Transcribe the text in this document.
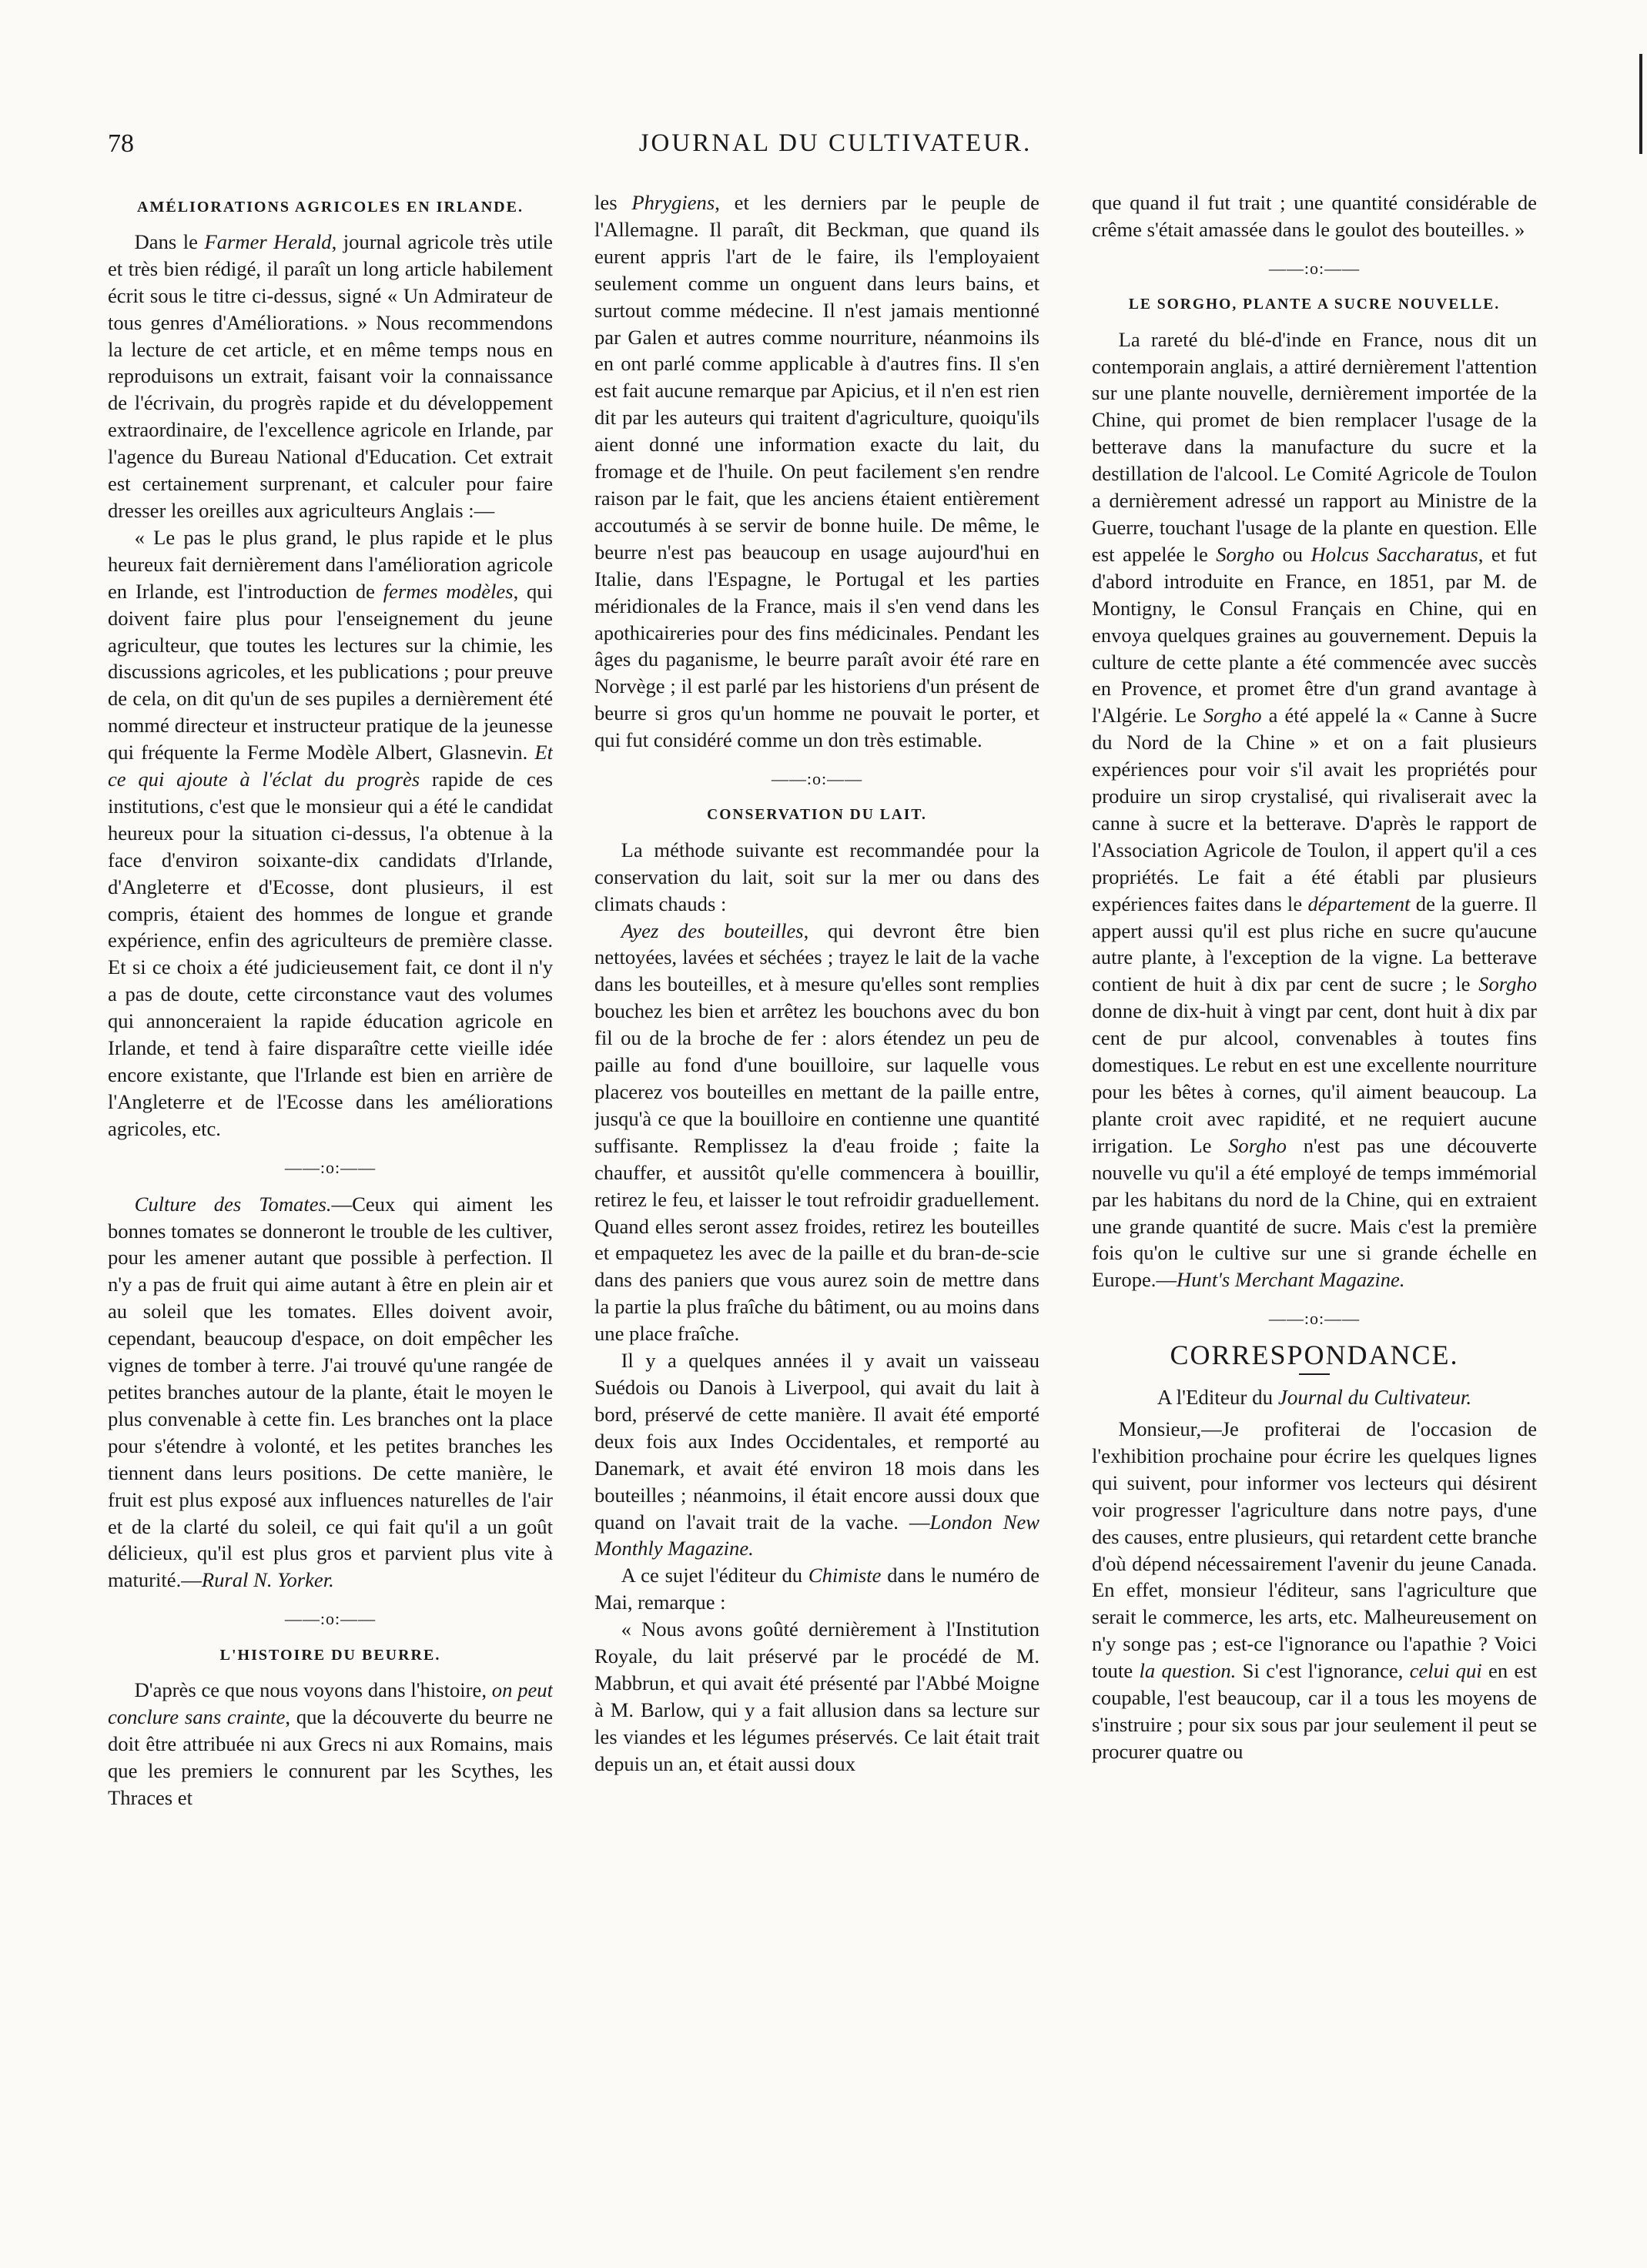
78	JOURNAL DU CULTIVATEUR.
AMÉLIORATIONS AGRICOLES EN IRLANDE.

Dans le Farmer Herald, journal agricole très utile et très bien rédigé, il paraît un long article habilement écrit sous le titre ci-dessus, signé « Un Admirateur de tous genres d'Améliorations. » Nous recommendons la lecture de cet article, et en même temps nous en reproduisons un extrait, faisant voir la connaissance de l'écrivain, du progrès rapide et du développement extraordinaire, de l'excellence agricole en Irlande, par l'agence du Bureau National d'Education. Cet extrait est certainement surprenant, et calculer pour faire dresser les oreilles aux agriculteurs Anglais :—

« Le pas le plus grand, le plus rapide et le plus heureux fait dernièrement dans l'amélioration agricole en Irlande, est l'introduction de fermes modèles, qui doivent faire plus pour l'enseignement du jeune agriculteur, que toutes les lectures sur la chimie, les discussions agricoles, et les publications ; pour preuve de cela, on dit qu'un de ses pupiles a dernièrement été nommé directeur et instructeur pratique de la jeunesse qui fréquente la Ferme Modèle Albert, Glasnevin. Et ce qui ajoute à l'éclat du progrès rapide de ces institutions, c'est que le monsieur qui a été le candidat heureux pour la situation ci-dessus, l'a obtenue à la face d'environ soixante-dix candidats d'Irlande, d'Angleterre et d'Ecosse, dont plusieurs, il est compris, étaient des hommes de longue et grande expérience, enfin des agriculteurs de première classe. Et si ce choix a été judicieusement fait, ce dont il n'y a pas de doute, cette circonstance vaut des volumes qui annonceraient la rapide éducation agricole en Irlande, et tend à faire disparaître cette vieille idée encore existante, que l'Irlande est bien en arrière de l'Angleterre et de l'Ecosse dans les améliorations agricoles, etc.

——:o:——

Culture des Tomates.—Ceux qui aiment les bonnes tomates se donneront le trouble de les cultiver, pour les amener autant que possible à perfection. Il n'y a pas de fruit qui aime autant à être en plein air et au soleil que les tomates. Elles doivent avoir, cependant, beaucoup d'espace, on doit empêcher les vignes de tomber à terre. J'ai trouvé qu'une rangée de petites branches autour de la plante, était le moyen le plus convenable à cette fin. Les branches ont la place pour s'étendre à volonté, et les petites branches les tiennent dans leurs positions. De cette manière, le fruit est plus exposé aux influences naturelles de l'air et de la clarté du soleil, ce qui fait qu'il a un goût délicieux, qu'il est plus gros et parvient plus vite à maturité.—Rural N. Yorker.

——:o:——
L'HISTOIRE DU BEURRE.

D'après ce que nous voyons dans l'histoire, on peut conclure sans crainte, que la découverte du beurre ne doit être attribuée ni aux Grecs ni aux Romains, mais que les premiers le connurent par les Scythes, les Thraces et

les Phrygiens, et les derniers par le peuple de l'Allemagne. Il paraît, dit Beckman, que quand ils eurent appris l'art de le faire, ils l'employaient seulement comme un onguent dans leurs bains, et surtout comme médecine. Il n'est jamais mentionné par Galen et autres comme nourriture, néanmoins ils en ont parlé comme applicable à d'autres fins. Il s'en est fait aucune remarque par Apicius, et il n'en est rien dit par les auteurs qui traitent d'agriculture, quoiqu'ils aient donné une information exacte du lait, du fromage et de l'huile. On peut facilement s'en rendre raison par le fait, que les anciens étaient entièrement accoutumés à se servir de bonne huile. De même, le beurre n'est pas beaucoup en usage aujourd'hui en Italie, dans l'Espagne, le Portugal et les parties méridionales de la France, mais il s'en vend dans les apothicaireries pour des fins médicinales. Pendant les âges du paganisme, le beurre paraît avoir été rare en Norvège ; il est parlé par les historiens d'un présent de beurre si gros qu'un homme ne pouvait le porter, et qui fut considéré comme un don très estimable.

——:o:——
CONSERVATION DU LAIT.

La méthode suivante est recommandée pour la conservation du lait, soit sur la mer ou dans des climats chauds :

Ayez des bouteilles, qui devront être bien nettoyées, lavées et séchées ; trayez le lait de la vache dans les bouteilles, et à mesure qu'elles sont remplies bouchez les bien et arrêtez les bouchons avec du bon fil ou de la broche de fer : alors étendez un peu de paille au fond d'une bouilloire, sur laquelle vous placerez vos bouteilles en mettant de la paille entre, jusqu'à ce que la bouilloire en contienne une quantité suffisante. Remplissez la d'eau froide ; faite la chauffer, et aussitôt qu'elle commencera à bouillir, retirez le feu, et laisser le tout refroidir graduellement. Quand elles seront assez froides, retirez les bouteilles et empaquetez les avec de la paille et du bran-de-scie dans des paniers que vous aurez soin de mettre dans la partie la plus fraîche du bâtiment, ou au moins dans une place fraîche.

Il y a quelques années il y avait un vaisseau Suédois ou Danois à Liverpool, qui avait du lait à bord, préservé de cette manière. Il avait été emporté deux fois aux Indes Occidentales, et remporté au Danemark, et avait été environ 18 mois dans les bouteilles ; néanmoins, il était encore aussi doux que quand on l'avait trait de la vache. —London New Monthly Magazine.

A ce sujet l'éditeur du Chimiste dans le numéro de Mai, remarque :

« Nous avons goûté dernièrement à l'Institution Royale, du lait préservé par le procédé de M. Mabbrun, et qui avait été présenté par l'Abbé Moigne à M. Barlow, qui y a fait allusion dans sa lecture sur les viandes et les légumes préservés. Ce lait était trait depuis un an, et était aussi doux

que quand il fut trait ; une quantité considérable de crême s'était amassée dans le goulot des bouteilles. »

——:o:——
LE SORGHO, PLANTE A SUCRE NOUVELLE.

La rareté du blé-d'inde en France, nous dit un contemporain anglais, a attiré dernièrement l'attention sur une plante nouvelle, dernièrement importée de la Chine, qui promet de bien remplacer l'usage de la betterave dans la manufacture du sucre et la destillation de l'alcool. Le Comité Agricole de Toulon a dernièrement adressé un rapport au Ministre de la Guerre, touchant l'usage de la plante en question. Elle est appelée le Sorgho ou Holcus Saccharatus, et fut d'abord introduite en France, en 1851, par M. de Montigny, le Consul Français en Chine, qui en envoya quelques graines au gouvernement. Depuis la culture de cette plante a été commencée avec succès en Provence, et promet être d'un grand avantage à l'Algérie. Le Sorgho a été appelé la « Canne à Sucre du Nord de la Chine » et on a fait plusieurs expériences pour voir s'il avait les propriétés pour produire un sirop crystalisé, qui rivaliserait avec la canne à sucre et la betterave. D'après le rapport de l'Association Agricole de Toulon, il appert qu'il a ces propriétés. Le fait a été établi par plusieurs expériences faites dans le département de la guerre. Il appert aussi qu'il est plus riche en sucre qu'aucune autre plante, à l'exception de la vigne. La betterave contient de huit à dix par cent de sucre ; le Sorgho donne de dix-huit à vingt par cent, dont huit à dix par cent de pur alcool, convenables à toutes fins domestiques. Le rebut en est une excellente nourriture pour les bêtes à cornes, qu'il aiment beaucoup. La plante croit avec rapidité, et ne requiert aucune irrigation. Le Sorgho n'est pas une découverte nouvelle vu qu'il a été employé de temps immémorial par les habitans du nord de la Chine, qui en extraient une grande quantité de sucre. Mais c'est la première fois qu'on le cultive sur une si grande échelle en Europe.—Hunt's Merchant Magazine.

——:o:——
CORRESPONDANCE.
A l'Editeur du Journal du Cultivateur.

Monsieur,—Je profiterai de l'occasion de l'exhibition prochaine pour écrire les quelques lignes qui suivent, pour informer vos lecteurs qui désirent voir progresser l'agriculture dans notre pays, d'une des causes, entre plusieurs, qui retardent cette branche d'où dépend nécessairement l'avenir du jeune Canada. En effet, monsieur l'éditeur, sans l'agriculture que serait le commerce, les arts, etc. Malheureusement on n'y songe pas ; est-ce l'ignorance ou l'apathie ? Voici toute la question. Si c'est l'ignorance, celui qui en est coupable, l'est beaucoup, car il a tous les moyens de s'instruire ; pour six sous par jour seulement il peut se procurer quatre ou
